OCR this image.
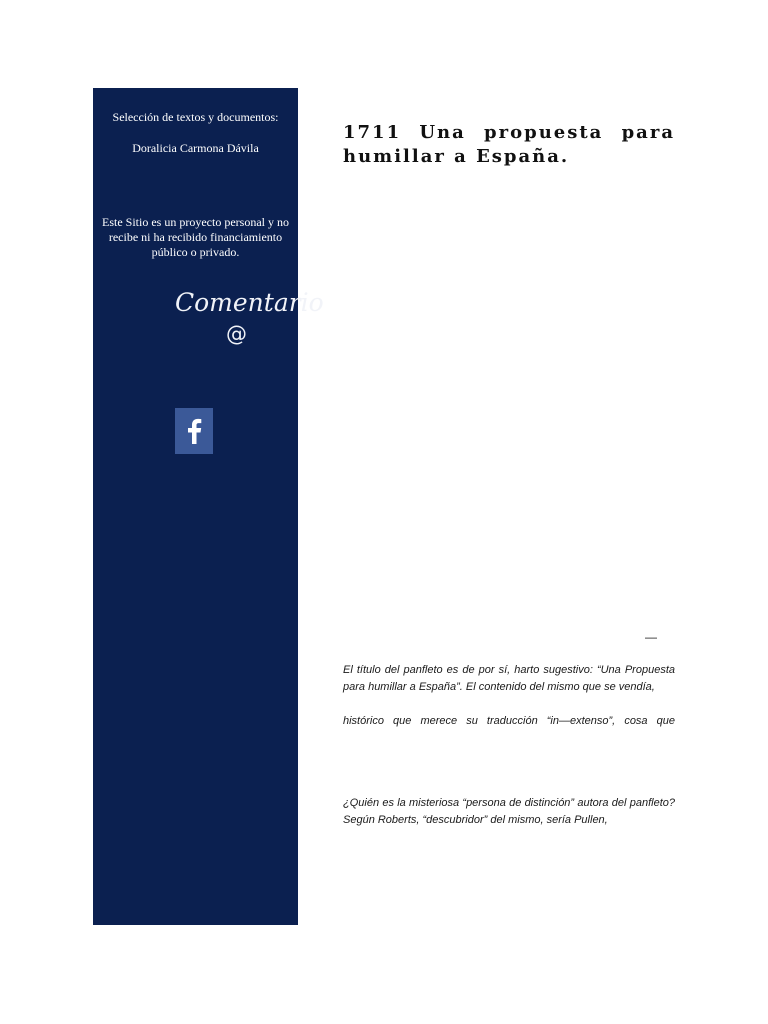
Selección de textos y documentos:
Doralicia Carmona Dávila
Este Sitio es un proyecto personal y no recibe ni ha recibido financiamiento público o privado.
Comentario
@
1711 Una propuesta para
humillar a España.
—

El título del panfleto es de por sí, harto sugestivo: “Una Propuesta para humillar a España”. El contenido del mismo que se vendía,

histórico que merece su traducción “in—extenso”, cosa que

¿Quién es la misteriosa “persona de distinción” autora del panfleto? Según Roberts, “descubridor” del mismo, sería Pullen,
